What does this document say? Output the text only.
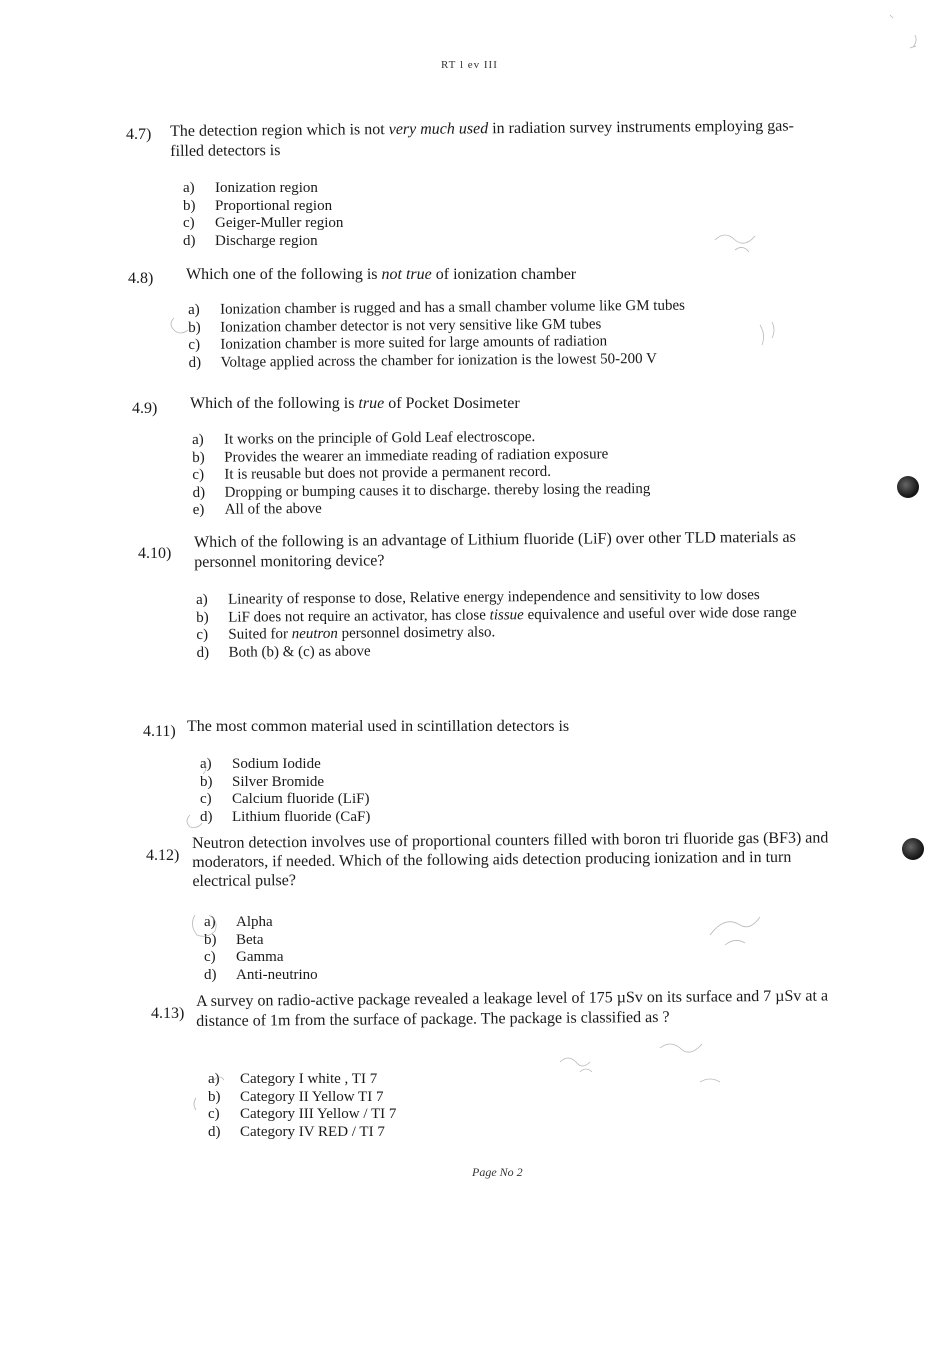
RT l ev III
4.7) The detection region which is not very much used in radiation survey instruments employing gas-filled detectors is
a) Ionization region
b) Proportional region
c) Geiger-Muller region
d) Discharge region
4.8) Which one of the following is not true of ionization chamber
a) Ionization chamber is rugged and has a small chamber volume like GM tubes
b) Ionization chamber detector is not very sensitive like GM tubes
c) Ionization chamber is more suited for large amounts of radiation
d) Voltage applied across the chamber for ionization is the lowest 50-200 V
4.9) Which of the following is true of Pocket Dosimeter
a) It works on the principle of Gold Leaf electroscope.
b) Provides the wearer an immediate reading of radiation exposure
c) It is reusable but does not provide a permanent record.
d) Dropping or bumping causes it to discharge. thereby losing the reading
e) All of the above
4.10)
Which of the following is an advantage of Lithium fluoride (LiF) over other TLD materials as personnel monitoring device?
a)	Linearity of response to dose, Relative energy independence and sensitivity to low doses
b)	LiF does not require an activator, has close tissue equivalence and useful over wide dose range
c)	Suited for neutron personnel dosimetry also.
d)	Both (b) & (c) as above
4.11) The most common material used in scintillation detectors is
a) Sodium Iodide
b) Silver Bromide
c) Calcium fluoride (LiF)
d) Lithium fluoride (CaF)
4.12)
Neutron detection involves use of proportional counters filled with boron tri fluoride gas (BF3) and moderators, if needed. Which of the following aids detection producing ionization and in turn electrical pulse?
a) Alpha
b) Beta
c) Gamma
d) Anti-neutrino
4.13)
A survey on radio-active package revealed a leakage level of 175 µSv on its surface and 7 µSv at a distance of 1m from the surface of package. The package is classified as ?
a) Category I white , TI 7
b) Category II Yellow TI 7
c) Category III Yellow / TI 7
d) Category IV RED / TI 7
Page No 2
